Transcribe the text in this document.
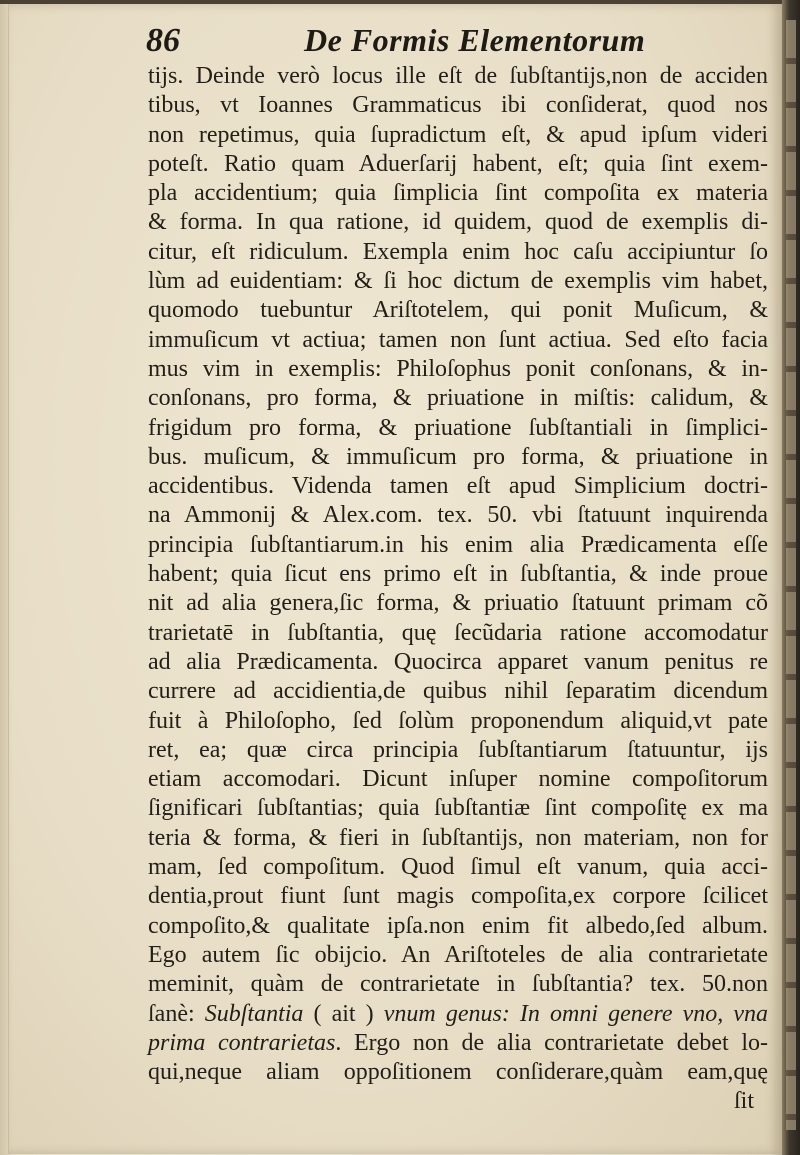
86	De Formis Elementorum
tijs. Deinde verò locus ille eſt de ſubſtantijs,non de acciden
tibus, vt Ioannes Grammaticus ibi conſiderat, quod nos
non repetimus, quia ſupradictum eſt, & apud ipſum videri
poteſt. Ratio quam Aduerſarij habent, eſt; quia ſint exem-
pla accidentium; quia ſimplicia ſint compoſita ex materia
& forma. In qua ratione, id quidem, quod de exemplis di-
citur, eſt ridiculum. Exempla enim hoc caſu accipiuntur ſo
lùm ad euidentiam: & ſi hoc dictum de exemplis vim habet,
quomodo tuebuntur Ariſtotelem, qui ponit Muſicum, &
immuſicum vt actiua; tamen non ſunt actiua. Sed eſto facia
mus vim in exemplis: Philoſophus ponit conſonans, & in-
conſonans, pro forma, & priuatione in miſtis: calidum, &
frigidum pro forma, & priuatione ſubſtantiali in ſimplici-
bus. muſicum, & immuſicum pro forma, & priuatione in
accidentibus. Videnda tamen eſt apud Simplicium doctri-
na Ammonij & Alex.com. tex. 50. vbi ſtatuunt inquirenda
principia ſubſtantiarum.in his enim alia Prædicamenta eſſe
habent; quia ſicut ens primo eſt in ſubſtantia, & inde proue
nit ad alia genera,ſic forma, & priuatio ſtatuunt primam cõ
trarietatē in ſubſtantia, quę ſecũdaria ratione accomodatur
ad alia Prædicamenta. Quocirca apparet vanum penitus re
currere ad accidientia,de quibus nihil ſeparatim dicendum
fuit à Philoſopho, ſed ſolùm proponendum aliquid,vt pate
ret, ea; quæ circa principia ſubſtantiarum ſtatuuntur, ijs
etiam accomodari. Dicunt inſuper nomine compoſitorum
ſignificari ſubſtantias; quia ſubſtantiæ ſint compoſitę ex ma
teria & forma, & fieri in ſubſtantijs, non materiam, non for
mam, ſed compoſitum. Quod ſimul eſt vanum, quia acci-
dentia,prout fiunt ſunt magis compoſita,ex corpore ſcilicet
compoſito,& qualitate ipſa.non enim fit albedo,ſed album.
Ego autem ſic obijcio. An Ariſtoteles de alia contrarietate
meminit, quàm de contrarietate in ſubſtantia? tex. 50.non
ſanè: Subſtantia ( ait ) vnum genus: In omni genere vno, vna
prima contrarietas. Ergo non de alia contrarietate debet lo-
qui,neque aliam oppoſitionem conſiderare,quàm eam,quę
ſit
